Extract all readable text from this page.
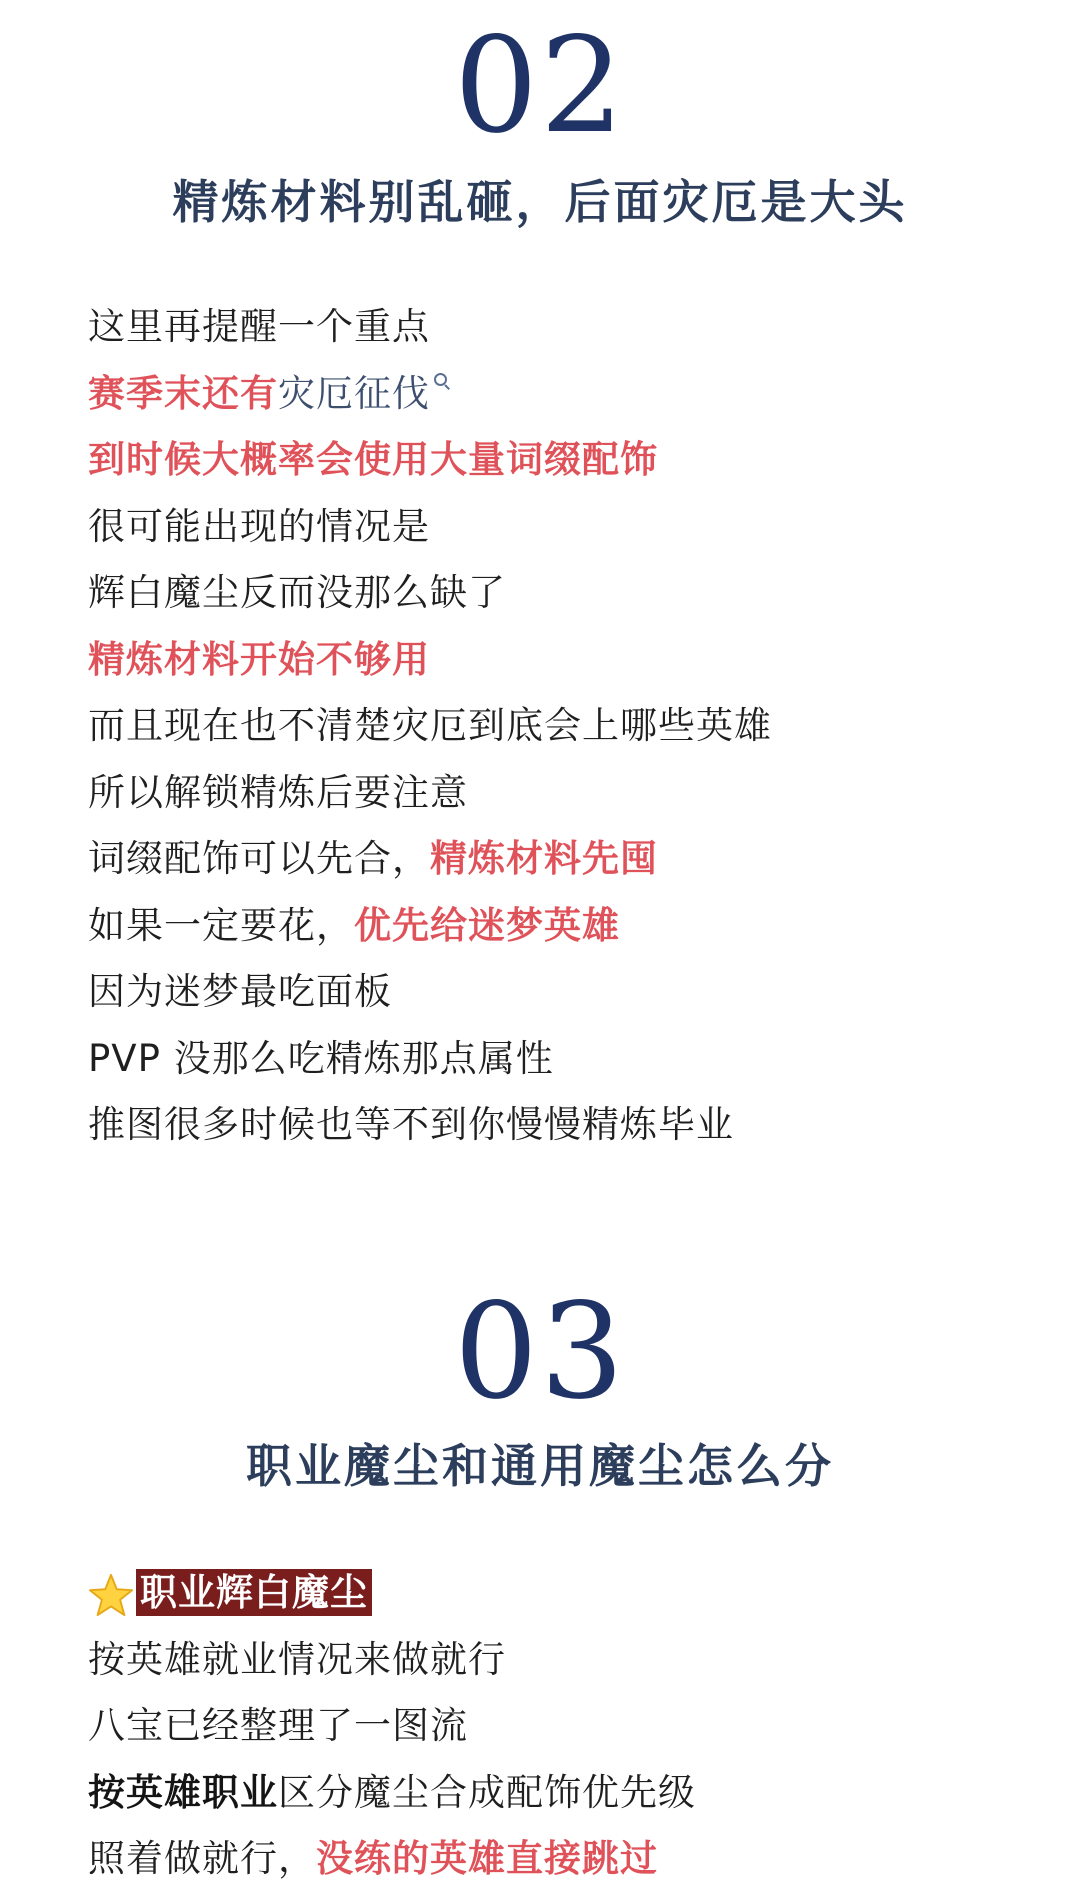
02
精炼材料别乱砸，后面灾厄是大头
这里再提醒一个重点
赛季末还有灾厄征伐
到时候大概率会使用大量词缀配饰
很可能出现的情况是
辉白魔尘反而没那么缺了
精炼材料开始不够用
而且现在也不清楚灾厄到底会上哪些英雄
所以解锁精炼后要注意
词缀配饰可以先合，精炼材料先囤
如果一定要花，优先给迷梦英雄
因为迷梦最吃面板
PVP 没那么吃精炼那点属性
推图很多时候也等不到你慢慢精炼毕业
03
职业魔尘和通用魔尘怎么分
职业辉白魔尘
按英雄就业情况来做就行
八宝已经整理了一图流
按英雄职业区分魔尘合成配饰优先级
照着做就行，没练的英雄直接跳过
